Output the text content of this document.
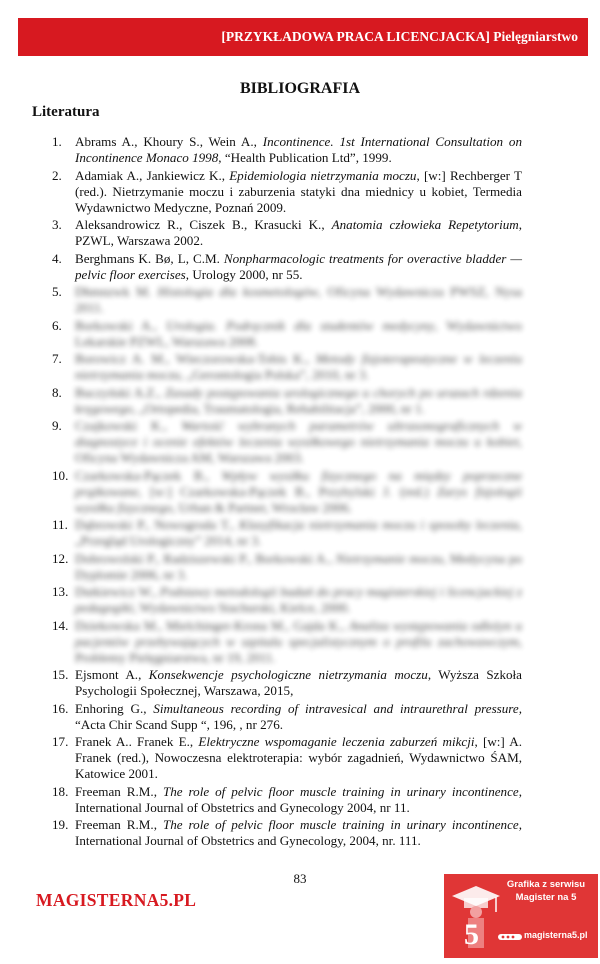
[PRZYKŁADOWA PRACA LICENCJACKA] Pielęgniarstwo
BIBLIOGRAFIA
Literatura
1.	Abrams A., Khoury S., Wein A., Incontinence. 1st International Consultation on Incontinence Monaco 1998, “Health Publication Ltd”, 1999.
2.	Adamiak A., Jankiewicz K., Epidemiologia nietrzymania moczu, [w:] Rechberger T (red.). Nietrzymanie moczu i zaburzenia statyki dna miednicy u kobiet, Termedia Wydawnictwo Medyczne, Poznań 2009.
3.	Aleksandrowicz R., Ciszek B., Krasucki K., Anatomia człowieka Repetytorium, PZWL, Warszawa 2002.
4.	Berghmans K. Bø, L, C.M. Nonpharmacologic treatments for overactive bladder — pelvic floor exercises, Urology 2000, nr 55.
5.	Dhmnzwk M. Histologia dla kosmetologów, Oficyna Wydawnicza PWSZ, Nysa 2011.
6.	Borkowski A., Urologia. Podręcznik dla studentów medycyny, Wydawnictwo Lekarskie PZWL, Warszawa 2008.
7.	Borowicz A. M., Wieczorowska-Tobis K., Metody fizjoterapeutyczne w leczeniu nietrzymania moczu, „Gerontologia Polska”, 2010, nr 3.
8.	Buczyński A.Z., Zasady postępowania urologicznego u chorych po urazach rdzenia kręgowego, „Ortopedia, Traumatologia, Rehabilitacja”, 2000, nr 1.
9.	Czajkowski K., Wartość wybranych parametrów ultrasonograficznych w diagnostyce i ocenie efektów leczenia wysiłkowego nietrzymania moczu u kobiet, Oficyna Wydawnicza AM, Warszawa 2003.
10. Czarkowska-Pączek B., Wpływ wysiłku fizycznego na między poprzeczne prążkowane, [w:] Czarkowska-Pączek B., Przybylski J. (red.) Zarys fizjologii wysiłku fizycznego, Urban & Partner, Wrocław 2006.
11. Dąbrowski P., Nowogroda T., Klasyfikacja nietrzymania moczu i sposoby leczenia, „Przegląd Urologiczny” 2014, nr 3.
12. Dobrowolski P., Radziszewski P., Borkowski A., Nietrzymanie moczu, Medycyna po Dyplomie 2006, nr 3.
13. Dutkiewicz W., Podstawy metodologii badań do pracy magisterskiej i licencjackiej z pedagogiki, Wydawnictwo Stachurski, Kielce, 2000.
14. Dziekowska M., Mielchinger-Krona M., Gajda K., Analiza występowania odleżyn u pacjentów przebywających w szpitalu specjalistycznym o profilu zachowawczym, Problemy Pielęgniarstwa, nr 19, 2011.
15. Ejsmont A., Konsekwencje psychologiczne nietrzymania moczu, Wyższa Szkoła Psychologii Społecznej, Warszawa, 2015,
16. Enhoring G., Simultaneous recording of intravesical and intraurethral pressure, “Acta Chir Scand Supp “, 196, , nr 276.
17. Franek A.. Franek E., Elektryczne wspomaganie leczenia zaburzeń mikcji, [w:] A. Franek (red.), Nowoczesna elektroterapia: wybór zagadnień, Wydawnictwo ŚAM, Katowice 2001.
18. Freeman R.M., The role of pelvic floor muscle training in urinary incontinence, International Journal of Obstetrics and Gynecology 2004, nr 11.
19. Freeman R.M., The role of pelvic floor muscle training in urinary incontinence, International Journal of Obstetrics and Gynecology, 2004, nr. 111.
83
MAGISTERNA5.PL
Grafika z serwisu
Magister na 5
5	magisterna5.pl
